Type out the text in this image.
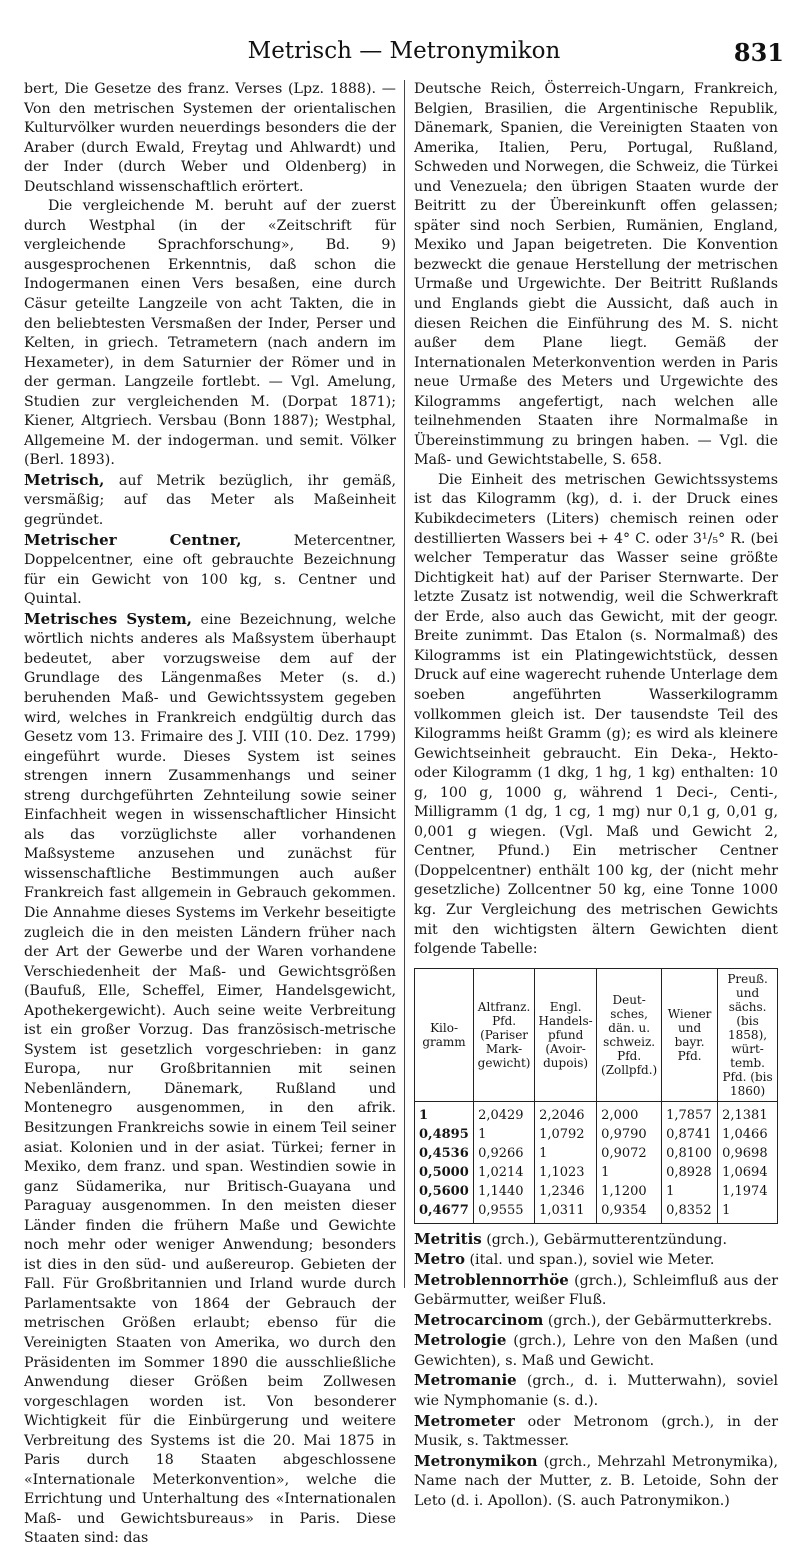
Metrisch — Metronymikon	831

bert, Die Gesetze des franz. Verses (Lpz. 1888). — Von den metrischen Systemen der orientalischen Kulturvölker wurden neuerdings besonders die der Araber (durch Ewald, Freytag und Ahlwardt) und der Inder (durch Weber und Oldenberg) in Deutschland wissenschaftlich erörtert.

Die vergleichende M. beruht auf der zuerst durch Westphal (in der «Zeitschrift für vergleichende Sprachforschung», Bd. 9) ausgesprochenen Erkenntnis, daß schon die Indogermanen einen Vers besaßen, eine durch Cäsur geteilte Langzeile von acht Takten, die in den beliebtesten Versmaßen der Inder, Perser und Kelten, in griech. Tetrametern (nach andern im Hexameter), in dem Saturnier der Römer und in der german. Langzeile fortlebt. — Vgl. Amelung, Studien zur vergleichenden M. (Dorpat 1871); Kiener, Altgriech. Versbau (Bonn 1887); Westphal, Allgemeine M. der indogerman. und semit. Völker (Berl. 1893).

Metrisch, auf Metrik bezüglich, ihr gemäß, versmäßig; auf das Meter als Maßeinheit gegründet.

Metrischer Centner,	Metercentner, Doppelcentner, eine oft gebrauchte Bezeichnung für ein Gewicht von 100 kg, s. Centner und Quintal.

Metrisches System, eine Bezeichnung, welche wörtlich nichts anderes als Maßsystem überhaupt bedeutet, aber vorzugsweise dem auf der Grundlage des Längenmaßes Meter (s. d.) beruhenden Maß- und Gewichtssystem gegeben wird, welches in Frankreich endgültig durch das Gesetz vom 13. Frimaire des J. VIII (10. Dez. 1799) eingeführt wurde. Dieses System ist seines strengen innern Zusammenhangs und seiner streng durchgeführten Zehnteilung sowie seiner Einfachheit wegen in wissenschaftlicher Hinsicht als das vorzüglichste aller vorhandenen Maßsysteme anzusehen und zunächst für wissenschaftliche Bestimmungen auch außer Frankreich fast allgemein in Gebrauch gekommen. Die Annahme dieses Systems im Verkehr beseitigte zugleich die in den meisten Ländern früher nach der Art der Gewerbe und der Waren vorhandene Verschiedenheit der Maß- und Gewichtsgrößen (Baufuß, Elle, Scheffel, Eimer, Handelsgewicht, Apothekergewicht). Auch seine weite Verbreitung ist ein großer Vorzug. Das französisch-metrische System ist gesetzlich vorgeschrieben: in ganz Europa, nur Großbritannien mit seinen Nebenländern, Dänemark, Rußland und Montenegro ausgenommen, in den afrik. Besitzungen Frankreichs sowie in einem Teil seiner asiat. Kolonien und in der asiat. Türkei; ferner in Mexiko, dem franz. und span. Westindien sowie in ganz Südamerika, nur Britisch-Guayana und Paraguay ausgenommen. In den meisten dieser Länder finden die frühern Maße und Gewichte noch mehr oder weniger Anwendung; besonders ist dies in den süd- und außereurop. Gebieten der Fall. Für Großbritannien und Irland wurde durch Parlamentsakte von 1864 der Gebrauch der metrischen Größen erlaubt; ebenso für die Vereinigten Staaten von Amerika, wo durch den Präsidenten im Sommer 1890 die ausschließliche Anwendung dieser Größen beim Zollwesen vorgeschlagen worden ist. Von besonderer Wichtigkeit für die Einbürgerung und weitere Verbreitung des Systems ist die 20. Mai 1875 in Paris durch 18 Staaten abgeschlossene «Internationale Meterkonvention», welche die Errichtung und Unterhaltung des «Internationalen Maß- und Gewichtsbureaus» in Paris. Diese Staaten sind: das

Deutsche Reich, Österreich-Ungarn, Frankreich, Belgien, Brasilien, die Argentinische Republik, Dänemark, Spanien, die Vereinigten Staaten von Amerika, Italien, Peru, Portugal, Rußland, Schweden und Norwegen, die Schweiz, die Türkei und Venezuela; den übrigen Staaten wurde der Beitritt zu der Übereinkunft offen gelassen; später sind noch Serbien, Rumänien, England, Mexiko und Japan beigetreten. Die Konvention bezweckt die genaue Herstellung der metrischen Urmaße und Urgewichte. Der Beitritt Rußlands und Englands giebt die Aussicht, daß auch in diesen Reichen die Einführung des M. S. nicht außer dem Plane liegt. Gemäß der Internationalen Meterkonvention werden in Paris neue Urmaße des Meters und Urgewichte des Kilogramms angefertigt, nach welchen alle teilnehmenden Staaten ihre Normalmaße in Übereinstimmung zu bringen haben. — Vgl. die Maß- und Gewichtstabelle, S. 658.

Die Einheit des metrischen Gewichtssystems ist das Kilogramm (kg), d. i. der Druck eines Kubikdecimeters (Liters) chemisch reinen oder destillierten Wassers bei + 4° C. oder 3¹/₅° R. (bei welcher Temperatur das Wasser seine größte Dichtigkeit hat) auf der Pariser Sternwarte. Der letzte Zusatz ist notwendig, weil die Schwerkraft der Erde, also auch das Gewicht, mit der geogr. Breite zunimmt. Das Etalon (s. Normalmaß) des Kilogramms ist ein Platingewichtstück, dessen Druck auf eine wagerecht ruhende Unterlage dem soeben angeführten Wasserkilogramm vollkommen gleich ist. Der tausendste Teil des Kilogramms heißt Gramm (g); es wird als kleinere Gewichtseinheit gebraucht. Ein Deka-, Hekto- oder Kilogramm (1 dkg, 1 hg, 1 kg) enthalten: 10 g, 100 g, 1000 g, während 1 Deci-, Centi-, Milligramm (1 dg, 1 cg, 1 mg) nur 0,1 g, 0,01 g, 0,001 g wiegen. (Vgl. Maß und Gewicht 2, Centner, Pfund.) Ein metrischer Centner (Doppelcentner) enthält 100 kg, der (nicht mehr gesetzliche) Zollcentner 50 kg, eine Tonne 1000 kg. Zur Vergleichung des metrischen Gewichts mit den wichtigsten ältern Gewichten dient folgende Tabelle:

Kilo-gramm	Altfranz. Pfd. (Pariser Mark-gewicht)	Engl. Handels-pfund (Avoir-dupois)	Deut-sches, dän. u. schweiz. Pfd. (Zollpfd.)	Wiener und bayr. Pfd.	Preuß. und sächs. (bis 1858), würt-temb. Pfd. (bis 1860)
1	2,0429	2,2046	2,000	1,7857	2,1381
0,4895	1	1,0792	0,9790	0,8741	1,0466
0,4536	0,9266	1	0,9072	0,8100	0,9698
0,5000	1,0214	1,1023	1	0,8928	1,0694
0,5600	1,1440	1,2346	1,1200	1	1,1974
0,4677	0,9555	1,0311	0,9354	0,8352	1

Metritis (grch.), Gebärmutterentzündung.

Metro (ital. und span.), soviel wie Meter.

Metroblennorrhöe (grch.), Schleimfluß aus der Gebärmutter, weißer Fluß.

Metrocarcinom (grch.), der Gebärmutterkrebs.

Metrologie (grch.), Lehre von den Maßen (und Gewichten), s. Maß und Gewicht.

Metromanie (grch., d. i. Mutterwahn), soviel wie Nymphomanie (s. d.).

Metrometer oder Metronom (grch.), in der Musik, s. Taktmesser.

Metronymikon (grch., Mehrzahl Metronymika), Name nach der Mutter, z. B. Letoide, Sohn der Leto (d. i. Apollon). (S. auch Patronymikon.)
